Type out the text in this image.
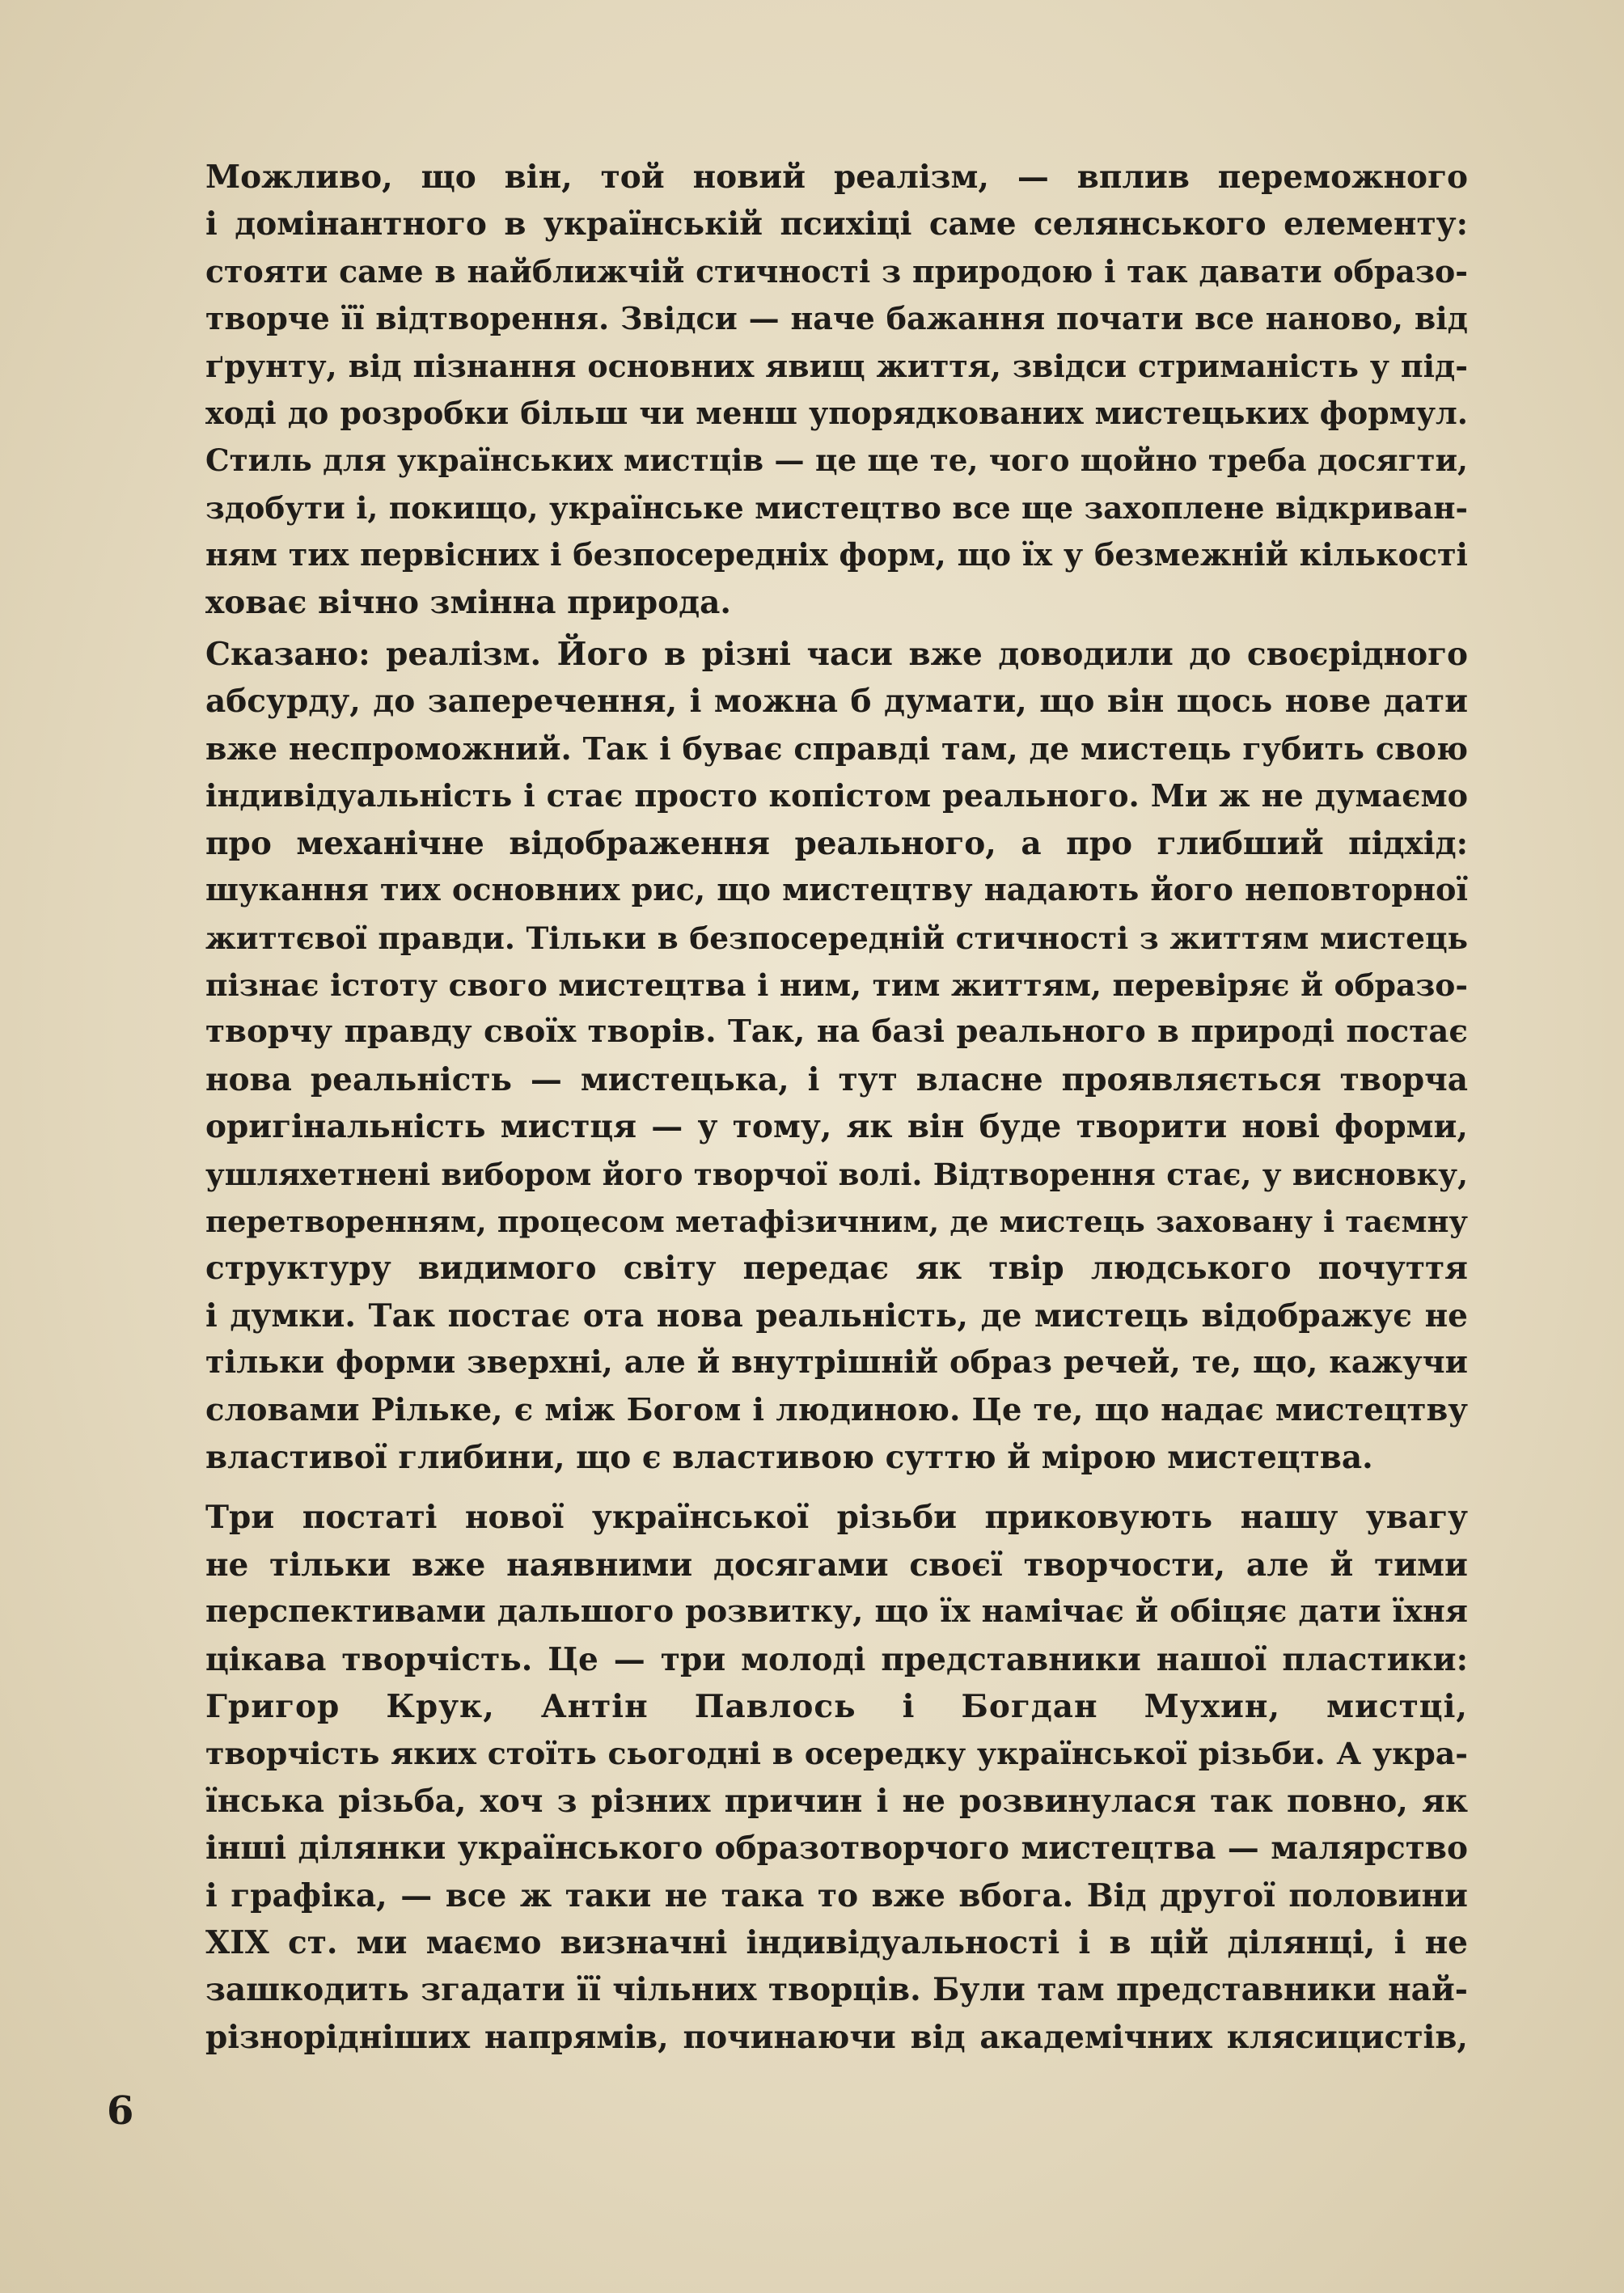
Можливо, що він, той новий реалізм, — вплив переможного
і домінантного в українській психіці саме селянського елементу:
стояти саме в найближчій стичності з природою і так давати образо-
творче її відтворення. Звідси — наче бажання почати все наново, від
ґрунту, від пізнання основних явищ життя, звідси стриманість у під-
ході до розробки більш чи менш упорядкованих мистецьких формул.
Стиль для українських мистців — це ще те, чого щойно треба досягти,
здобути і, покищо, українське мистецтво все ще захоплене відкриван-
ням тих первісних і безпосередніх форм, що їх у безмежній кількості
ховає вічно змінна природа.

Сказано: реалізм. Його в різні часи вже доводили до своєрідного
абсурду, до заперечення, і можна б думати, що він щось нове дати
вже неспроможний. Так і буває справді там, де мистець губить свою
індивідуальність і стає просто копістом реального. Ми ж не думаємо
про механічне відображення реального, а про глибший підхід:
шукання тих основних рис, що мистецтву надають його неповторної
життєвої правди. Тільки в безпосередній стичності з життям мистець
пізнає істоту свого мистецтва і ним, тим життям, перевіряє й образо-
творчу правду своїх творів. Так, на базі реального в природі постає
нова реальність — мистецька, і тут власне проявляється творча
оригінальність мистця — у тому, як він буде творити нові форми,
ушляхетнені вибором його творчої волі. Відтворення стає, у висновку,
перетворенням, процесом метафізичним, де мистець заховану і таємну
структуру видимого світу передає як твір людського почуття
і думки. Так постає ота нова реальність, де мистець відображує не
тільки форми зверхні, але й внутрішній образ речей, те, що, кажучи
словами Рільке, є між Богом і людиною. Це те, що надає мистецтву
властивої глибини, що є властивою суттю й мірою мистецтва.

Три постаті нової української різьби приковують нашу увагу
не тільки вже наявними досягами своєї творчости, але й тими
перспективами дальшого розвитку, що їх намічає й обіцяє дати їхня
цікава творчість. Це — три молоді представники нашої пластики:
Григор Крук, Антін Павлось і Богдан Мухин, мистці,
творчість яких стоїть сьогодні в осередку української різьби. А укра-
їнська різьба, хоч з різних причин і не розвинулася так повно, як
інші ділянки українського образотворчого мистецтва — малярство
і графіка, — все ж таки не така то вже вбога. Від другої половини
XIX ст. ми маємо визначні індивідуальності і в цій ділянці, і не
зашкодить згадати її чільних творців. Були там представники най-
різнорідніших напрямів, починаючи від академічних клясицистів,

6
